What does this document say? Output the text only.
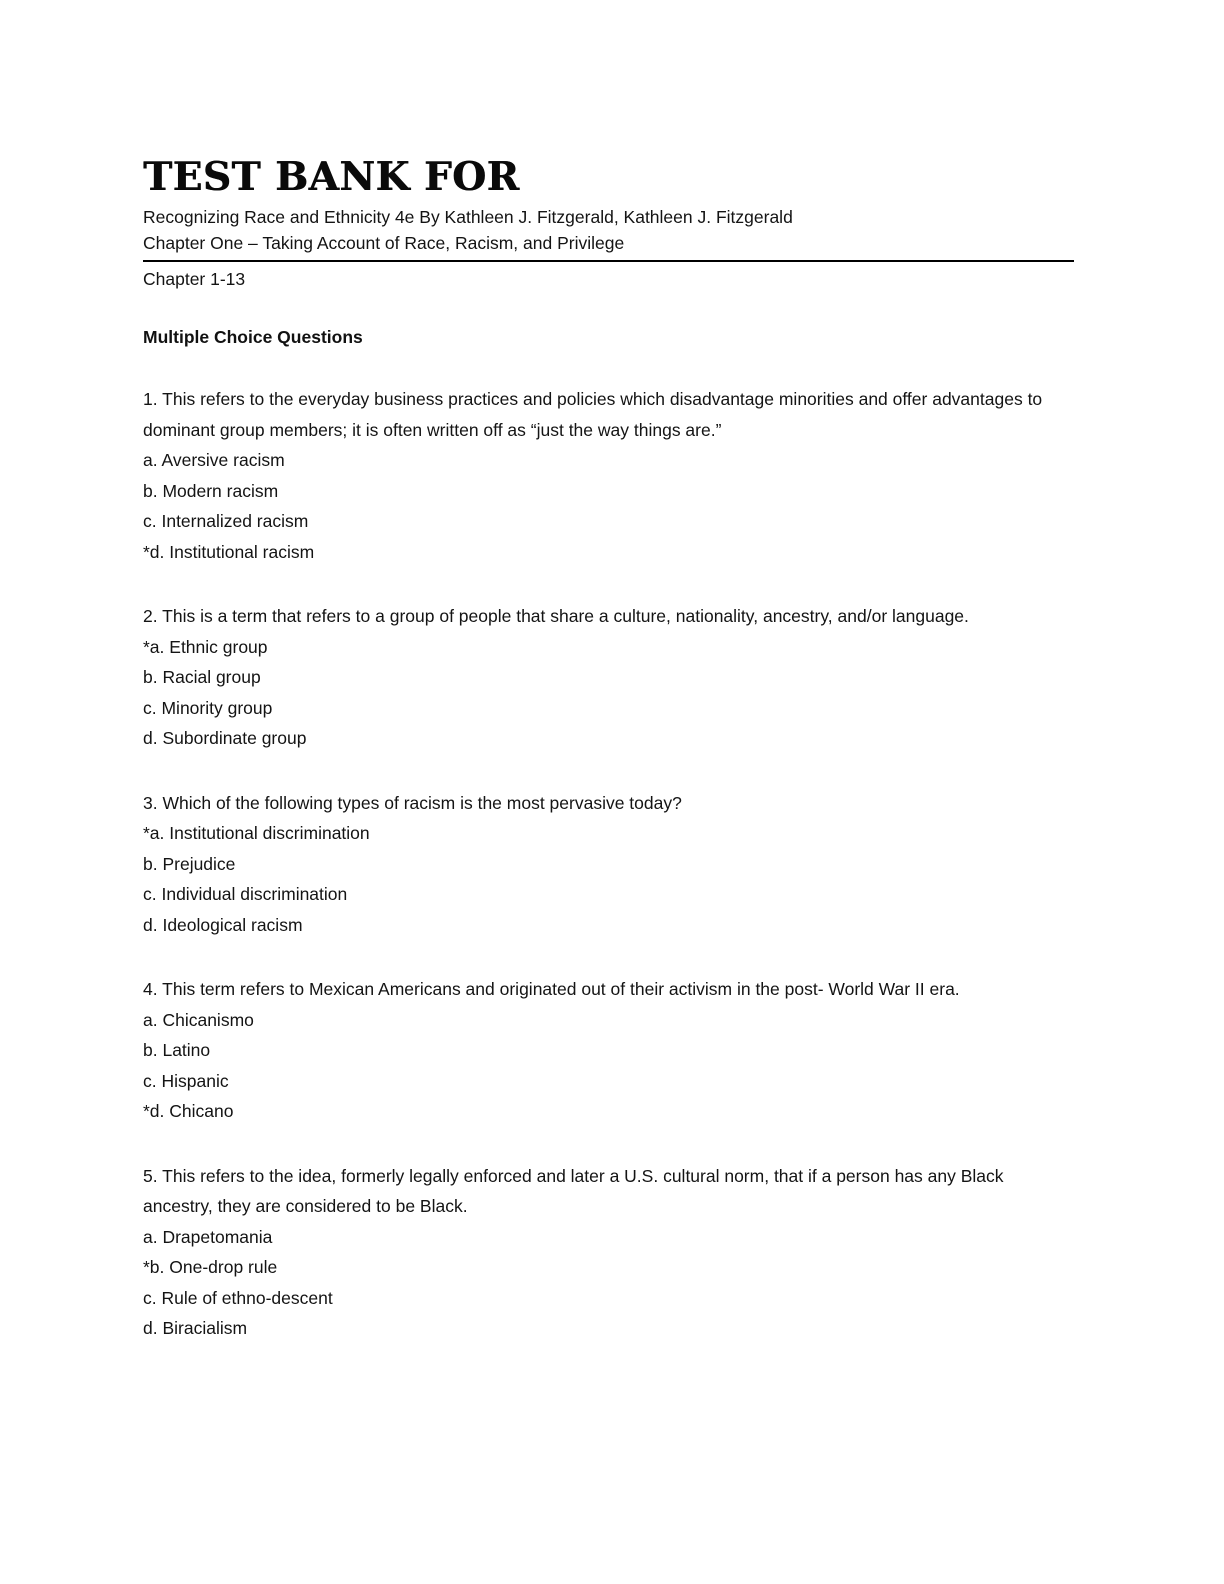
TEST BANK FOR
Recognizing Race and Ethnicity 4e By Kathleen J. Fitzgerald, Kathleen J. Fitzgerald
Chapter One – Taking Account of Race, Racism, and Privilege
Chapter 1-13
Multiple Choice Questions
1. This refers to the everyday business practices and policies which disadvantage minorities and offer advantages to dominant group members; it is often written off as “just the way things are.”
a. Aversive racism
b. Modern racism
c. Internalized racism
*d. Institutional racism
2. This is a term that refers to a group of people that share a culture, nationality, ancestry, and/or language.
*a. Ethnic group
b. Racial group
c. Minority group
d. Subordinate group
3. Which of the following types of racism is the most pervasive today?
*a. Institutional discrimination
b. Prejudice
c. Individual discrimination
d. Ideological racism
4. This term refers to Mexican Americans and originated out of their activism in the post- World War II era.
a. Chicanismo
b. Latino
c. Hispanic
*d. Chicano
5. This refers to the idea, formerly legally enforced and later a U.S. cultural norm, that if a person has any Black ancestry, they are considered to be Black.
a. Drapetomania
*b. One-drop rule
c. Rule of ethno-descent
d. Biracialism
